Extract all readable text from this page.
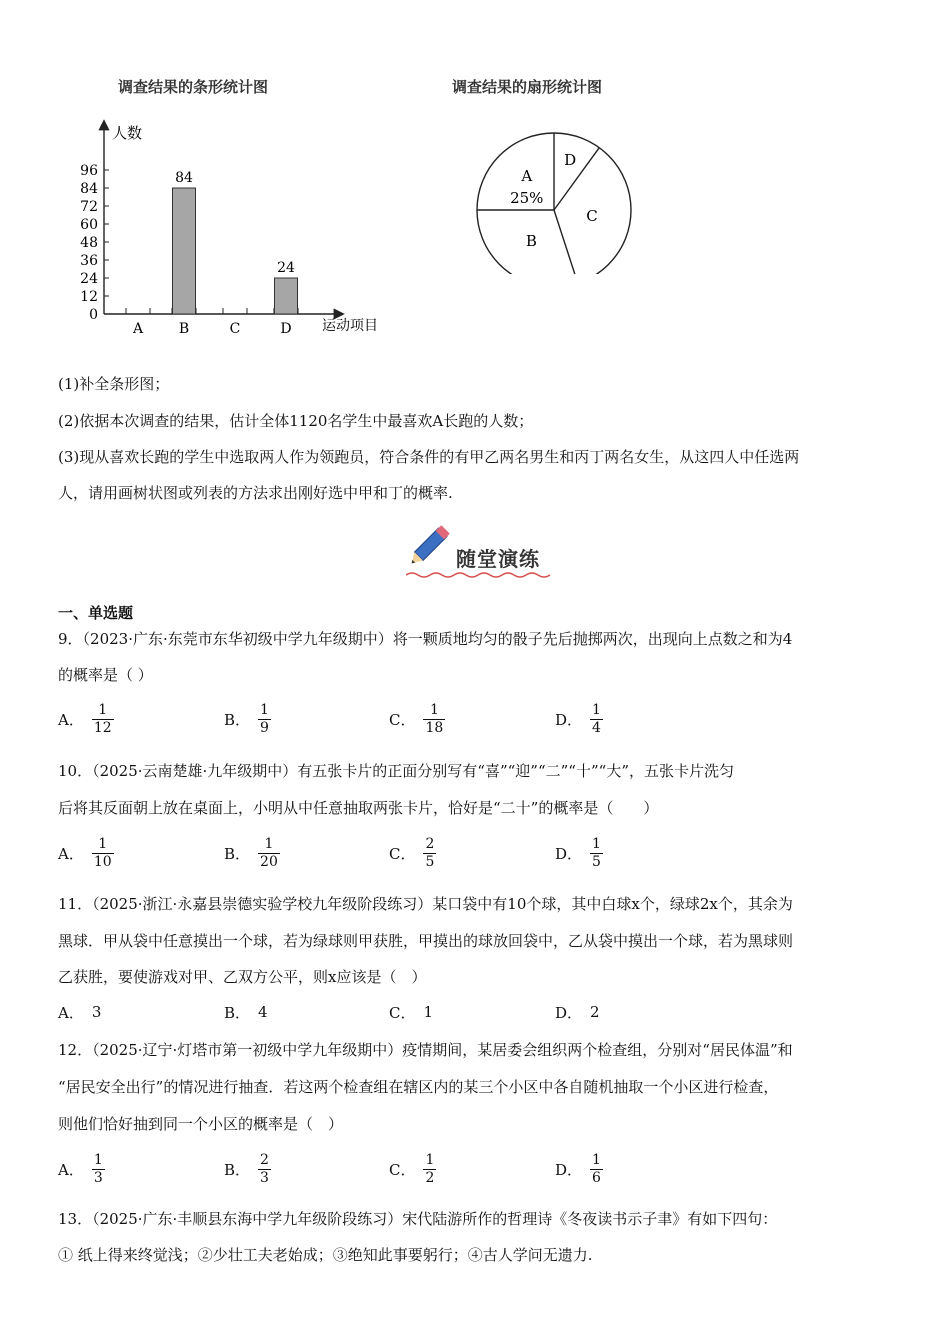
调查结果的条形统计图	调查结果的扇形统计图
0
12
24
36
48
60
72
84
96
A	B
84
C	D
24
人数
运动项目
D
C
B
A
25%
(1)补全条形图；
(2)依据本次调查的结果，估计全体1120名学生中最喜欢A长跑的人数；
(3)现从喜欢长跑的学生中选取两人作为领跑员，符合条件的有甲乙两名男生和丙丁两名女生，从这四人中任选两
人，请用画树状图或列表的方法求出刚好选中甲和丁的概率.
随堂演练
一、单选题
9．（2023·广东·东莞市东华初级中学九年级期中）将一颗质地均匀的骰子先后抛掷两次，出现向上点数之和为4
的概率是（ ）
A． $\frac{1}{12}$	B． $\frac{1}{9}$	C． $\frac{1}{18}$	D． $\frac{1}{4}$
10．（2025·云南楚雄·九年级期中）有五张卡片的正面分别写有“喜”“迎”“二”“十”“大”，五张卡片洗匀
后将其反面朝上放在桌面上，小明从中任意抽取两张卡片，恰好是“二十”的概率是（　　）
A． $\frac{1}{10}$	B． $\frac{1}{20}$	C． $\frac{2}{5}$	D． $\frac{1}{5}$
11．（2025·浙江·永嘉县崇德实验学校九年级阶段练习）某口袋中有10个球，其中白球x个，绿球2x个，其余为
黑球．甲从袋中任意摸出一个球，若为绿球则甲获胜，甲摸出的球放回袋中，乙从袋中摸出一个球，若为黑球则
乙获胜，要使游戏对甲、乙双方公平，则x应该是（　）
A． 3	B． 4	C． 1	D． 2
12．（2025·辽宁·灯塔市第一初级中学九年级期中）疫情期间，某居委会组织两个检查组，分别对“居民体温”和
“居民安全出行”的情况进行抽查．若这两个检查组在辖区内的某三个小区中各自随机抽取一个小区进行检查，
则他们恰好抽到同一个小区的概率是（　）
A． $\frac{1}{3}$	B． $\frac{2}{3}$	C． $\frac{1}{2}$	D． $\frac{1}{6}$
13．（2025·广东·丰顺县东海中学九年级阶段练习）宋代陆游所作的哲理诗《冬夜读书示子聿》有如下四句：
① 纸上得来终觉浅；②少壮工夫老始成；③绝知此事要躬行；④古人学问无遗力.
